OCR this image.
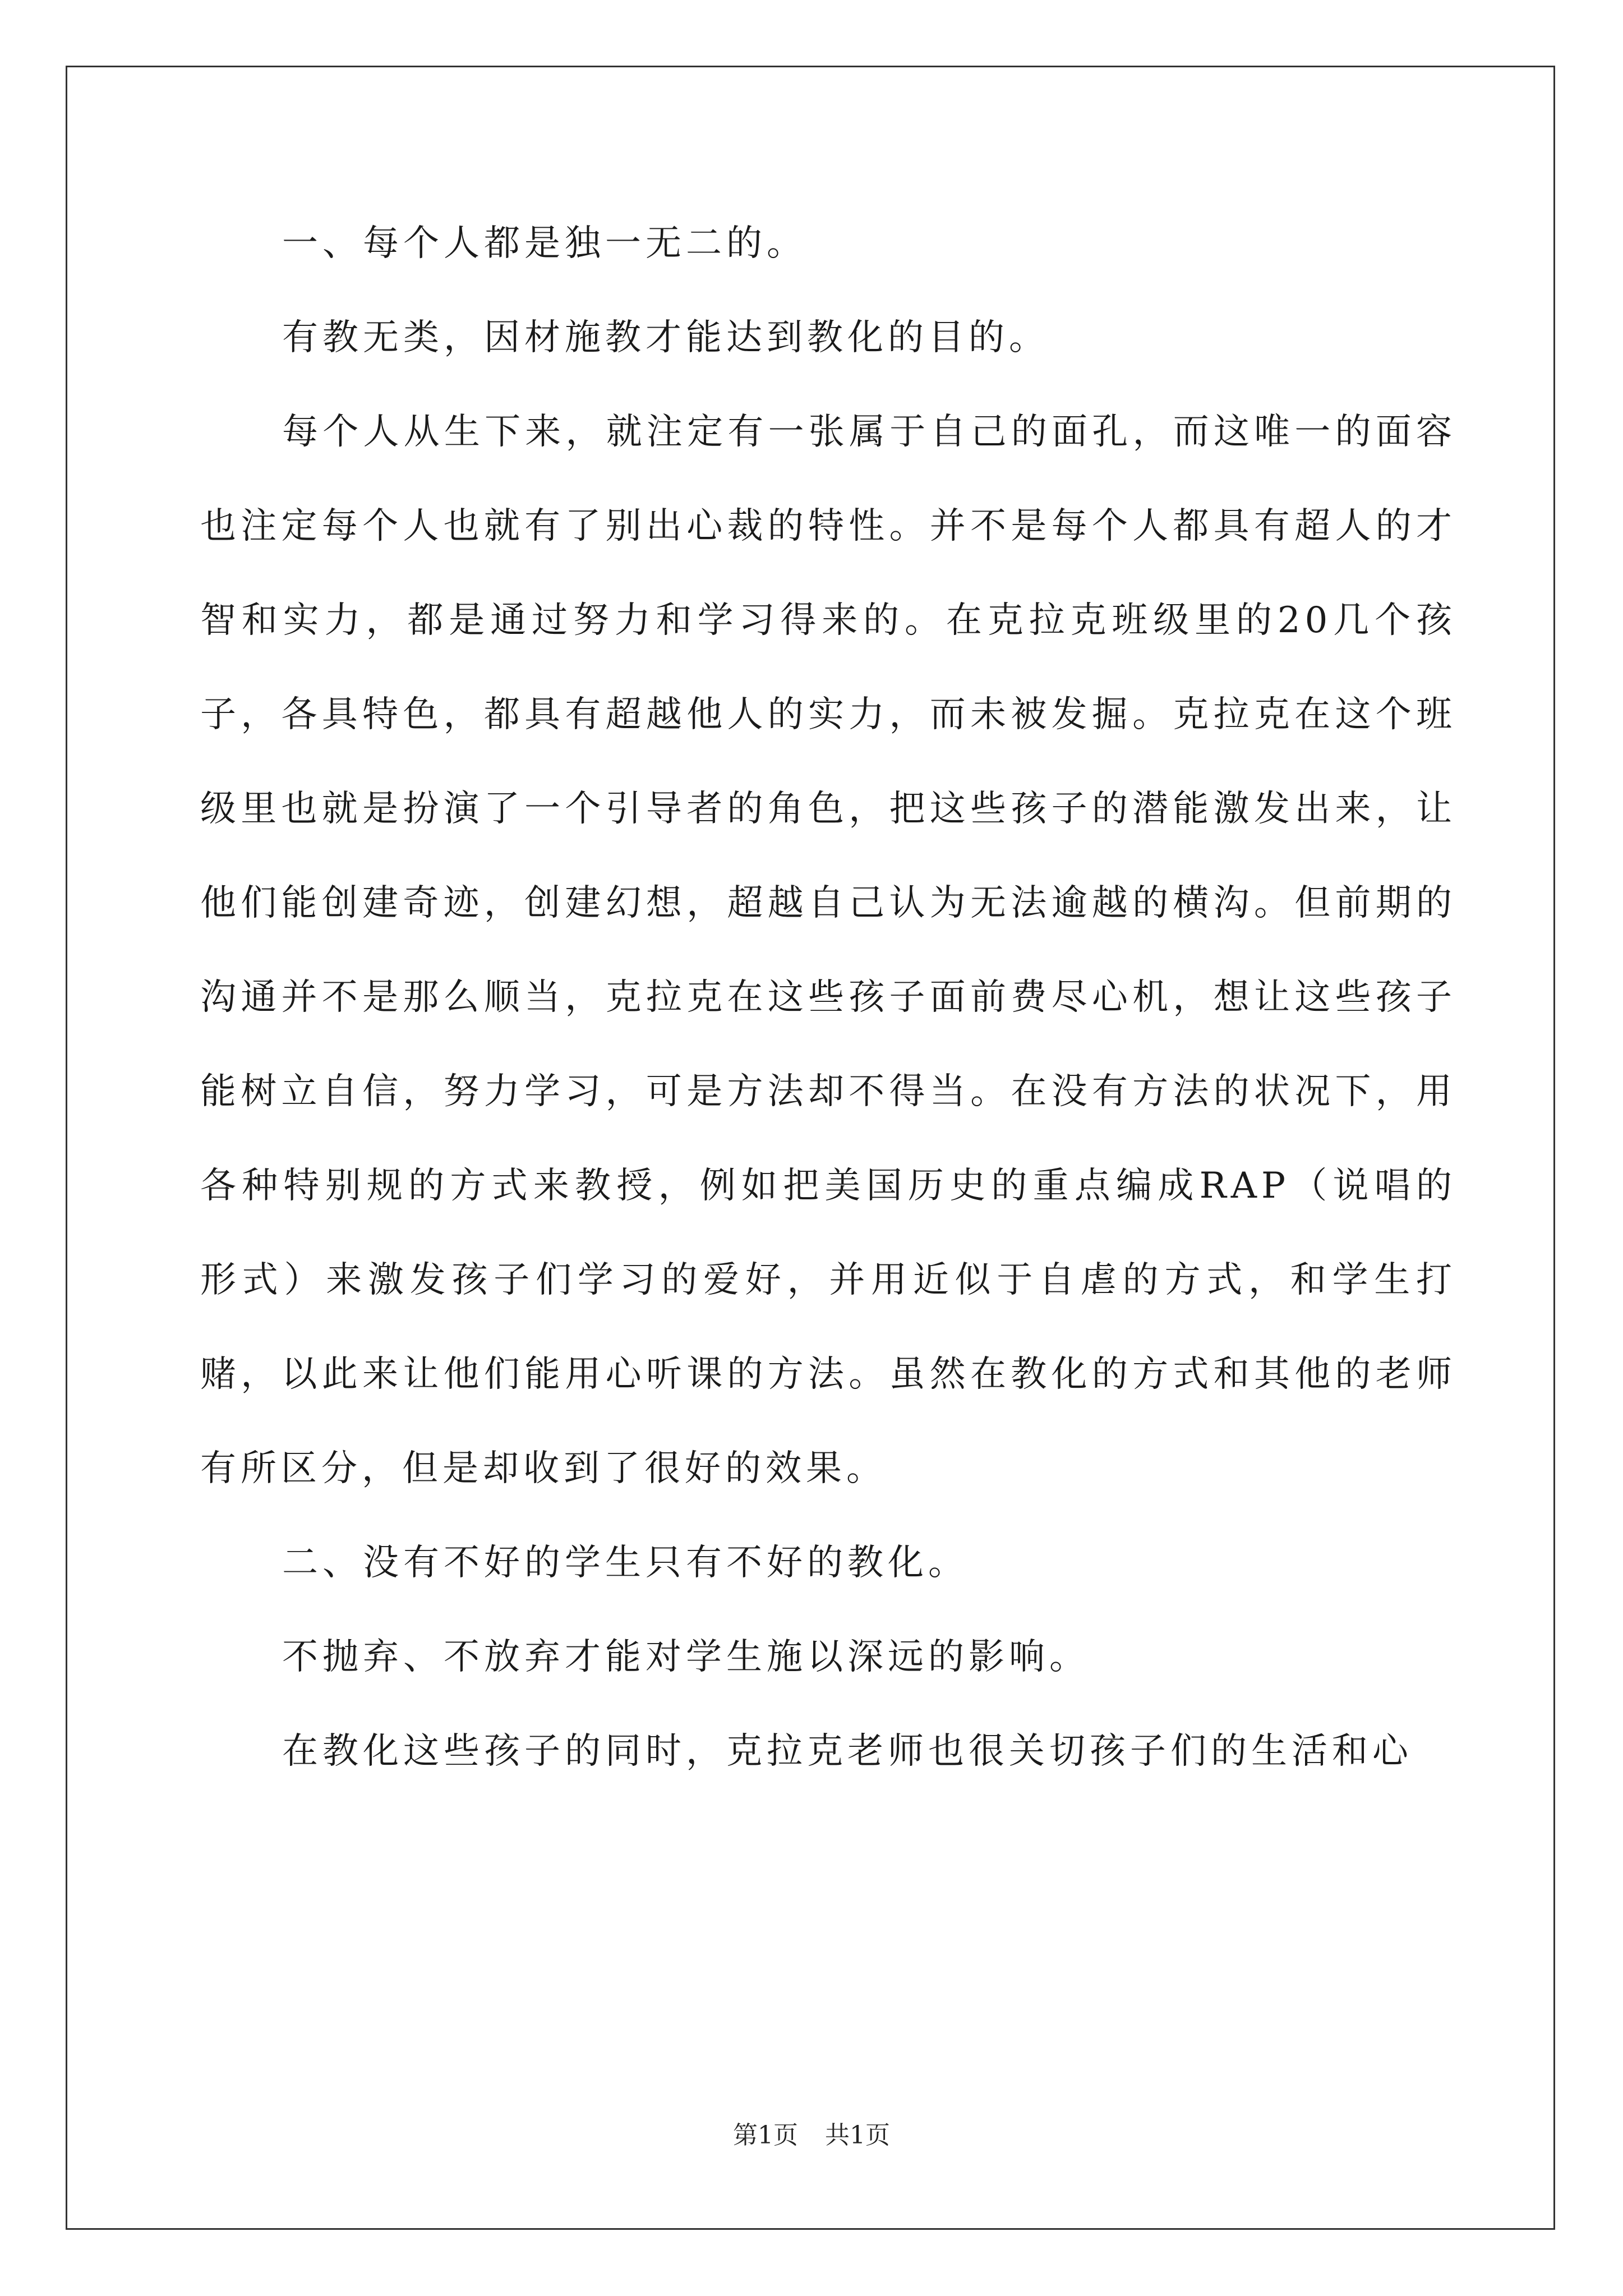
一、每个人都是独一无二的。

有教无类，因材施教才能达到教化的目的。

每个人从生下来，就注定有一张属于自己的面孔，而这唯一的面容也注定每个人也就有了别出心裁的特性。并不是每个人都具有超人的才智和实力，都是通过努力和学习得来的。在克拉克班级里的20几个孩子，各具特色，都具有超越他人的实力，而未被发掘。克拉克在这个班级里也就是扮演了一个引导者的角色，把这些孩子的潜能激发出来，让他们能创建奇迹，创建幻想，超越自己认为无法逾越的横沟。但前期的沟通并不是那么顺当，克拉克在这些孩子面前费尽心机，想让这些孩子能树立自信，努力学习，可是方法却不得当。在没有方法的状况下，用各种特别规的方式来教授，例如把美国历史的重点编成RAP（说唱的形式）来激发孩子们学习的爱好，并用近似于自虐的方式，和学生打赌，以此来让他们能用心听课的方法。虽然在教化的方式和其他的老师有所区分，但是却收到了很好的效果。

二、没有不好的学生只有不好的教化。

不抛弃、不放弃才能对学生施以深远的影响。

在教化这些孩子的同时，克拉克老师也很关切孩子们的生活和心

第1页 共1页
